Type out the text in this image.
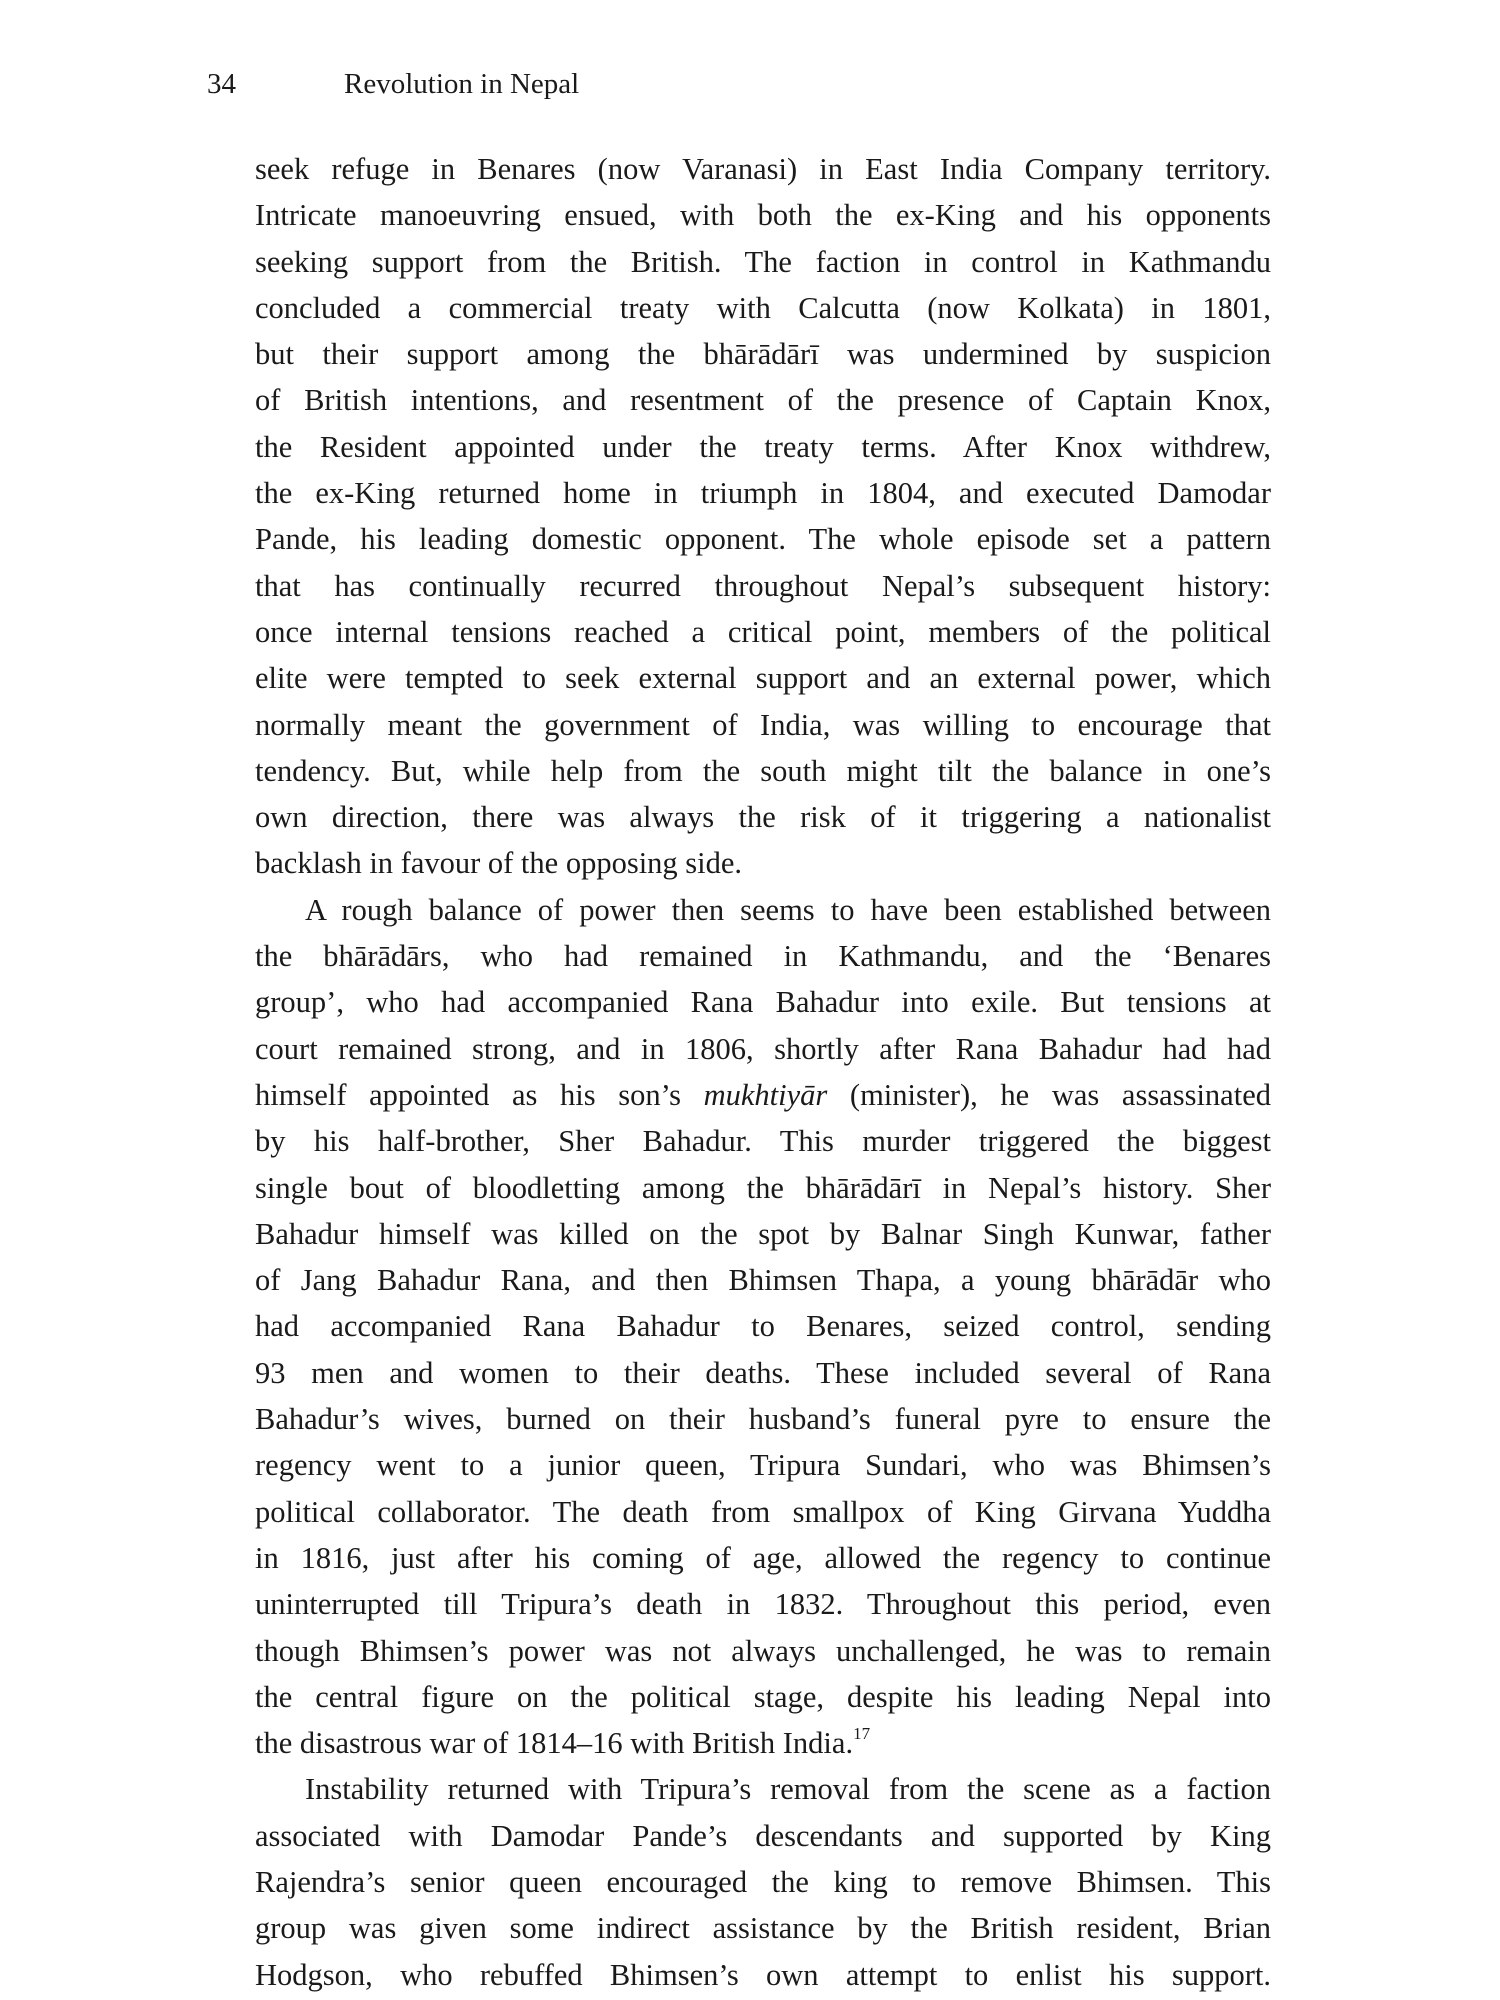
34	Revolution in Nepal
seek refuge in Benares (now Varanasi) in East India Company territory.
Intricate manoeuvring ensued, with both the ex-King and his opponents
seeking support from the British. The faction in control in Kathmandu
concluded a commercial treaty with Calcutta (now Kolkata) in 1801,
but their support among the bhārādārī was undermined by suspicion
of British intentions, and resentment of the presence of Captain Knox,
the Resident appointed under the treaty terms. After Knox withdrew,
the ex-King returned home in triumph in 1804, and executed Damodar
Pande, his leading domestic opponent. The whole episode set a pattern
that has continually recurred throughout Nepal’s subsequent history:
once internal tensions reached a critical point, members of the political
elite were tempted to seek external support and an external power, which
normally meant the government of India, was willing to encourage that
tendency. But, while help from the south might tilt the balance in one’s
own direction, there was always the risk of it triggering a nationalist
backlash in favour of the opposing side.
A rough balance of power then seems to have been established between
the bhārādārs, who had remained in Kathmandu, and the ‘Benares
group’, who had accompanied Rana Bahadur into exile. But tensions at
court remained strong, and in 1806, shortly after Rana Bahadur had had
himself appointed as his son’s mukhtiyār (minister), he was assassinated
by his half-brother, Sher Bahadur. This murder triggered the biggest
single bout of bloodletting among the bhārādārī in Nepal’s history. Sher
Bahadur himself was killed on the spot by Balnar Singh Kunwar, father
of Jang Bahadur Rana, and then Bhimsen Thapa, a young bhārādār who
had accompanied Rana Bahadur to Benares, seized control, sending
93 men and women to their deaths. These included several of Rana
Bahadur’s wives, burned on their husband’s funeral pyre to ensure the
regency went to a junior queen, Tripura Sundari, who was Bhimsen’s
political collaborator. The death from smallpox of King Girvana Yuddha
in 1816, just after his coming of age, allowed the regency to continue
uninterrupted till Tripura’s death in 1832. Throughout this period, even
though Bhimsen’s power was not always unchallenged, he was to remain
the central figure on the political stage, despite his leading Nepal into
the disastrous war of 1814–16 with British India.$^{17}$
Instability returned with Tripura’s removal from the scene as a faction
associated with Damodar Pande’s descendants and supported by King
Rajendra’s senior queen encouraged the king to remove Bhimsen. This
group was given some indirect assistance by the British resident, Brian
Hodgson, who rebuffed Bhimsen’s own attempt to enlist his support.
